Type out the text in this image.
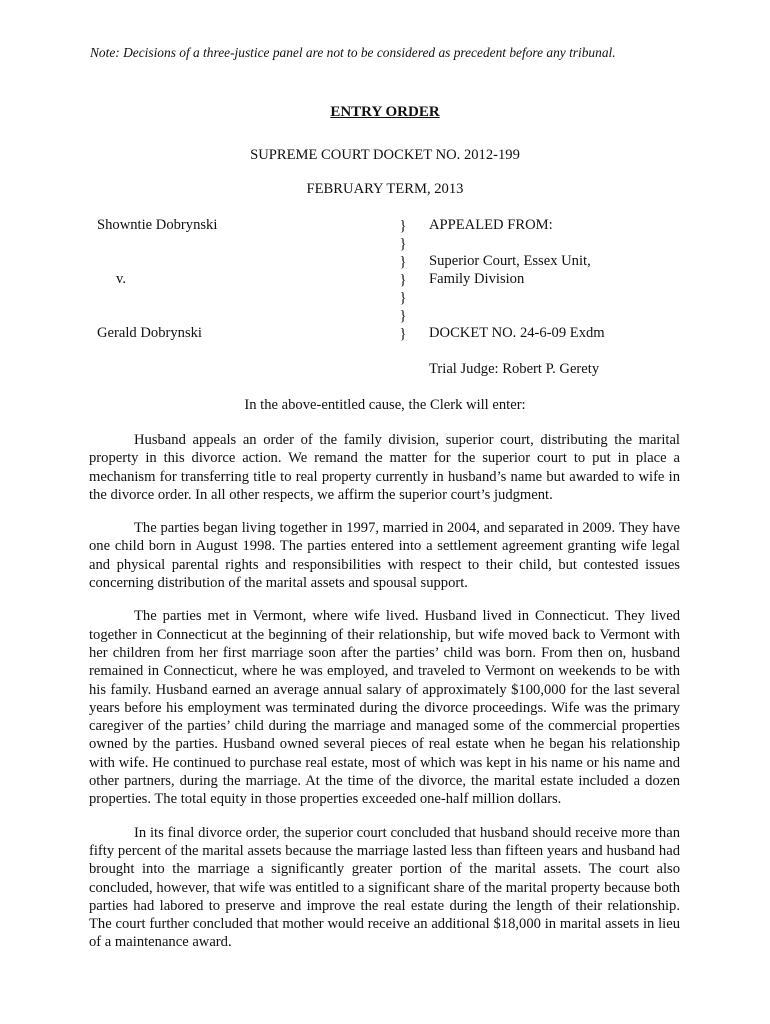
Note: Decisions of a three-justice panel are not to be considered as precedent before any tribunal.
ENTRY ORDER
SUPREME COURT DOCKET NO. 2012-199
FEBRUARY TERM, 2013
Showntie Dobrynski
v.
Gerald Dobrynski
}
}
}
}
}
}
}
APPEALED FROM:
Superior Court, Essex Unit,
Family Division
DOCKET NO. 24-6-09 Exdm
Trial Judge: Robert P. Gerety
In the above-entitled cause, the Clerk will enter:

Husband appeals an order of the family division, superior court, distributing the marital property in this divorce action. We remand the matter for the superior court to put in place a mechanism for transferring title to real property currently in husband’s name but awarded to wife in the divorce order. In all other respects, we affirm the superior court’s judgment.

The parties began living together in 1997, married in 2004, and separated in 2009. They have one child born in August 1998. The parties entered into a settlement agreement granting wife legal and physical parental rights and responsibilities with respect to their child, but contested issues concerning distribution of the marital assets and spousal support.

The parties met in Vermont, where wife lived. Husband lived in Connecticut. They lived together in Connecticut at the beginning of their relationship, but wife moved back to Vermont with her children from her first marriage soon after the parties’ child was born. From then on, husband remained in Connecticut, where he was employed, and traveled to Vermont on weekends to be with his family. Husband earned an average annual salary of approximately $100,000 for the last several years before his employment was terminated during the divorce proceedings. Wife was the primary caregiver of the parties’ child during the marriage and managed some of the commercial properties owned by the parties. Husband owned several pieces of real estate when he began his relationship with wife. He continued to purchase real estate, most of which was kept in his name or his name and other partners, during the marriage. At the time of the divorce, the marital estate included a dozen properties. The total equity in those properties exceeded one-half million dollars.

In its final divorce order, the superior court concluded that husband should receive more than fifty percent of the marital assets because the marriage lasted less than fifteen years and husband had brought into the marriage a significantly greater portion of the marital assets. The court also concluded, however, that wife was entitled to a significant share of the marital property because both parties had labored to preserve and improve the real estate during the length of their relationship. The court further concluded that mother would receive an additional $18,000 in marital assets in lieu of a maintenance award.
